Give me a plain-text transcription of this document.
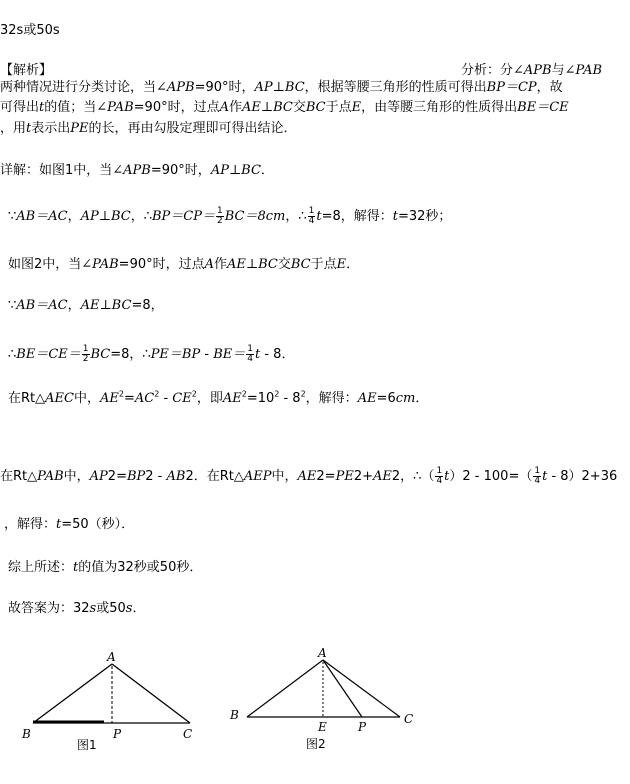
32s或50s
【解析】	分析：分∠APB与∠PAB
两种情况进行分类讨论，当∠APB=90°时，AP⊥BC，根据等腰三角形的性质可得出BP＝CP，故
可得出t的值；当∠PAB=90°时，过点A作AE⊥BC交BC于点E，由等腰三角形的性质得出BE＝CE
，用t表示出PE的长，再由勾股定理即可得出结论．
详解：如图1中，当∠APB=90°时，AP⊥BC．
∵AB＝AC，AP⊥BC，∴BP＝CP＝ $\frac{1}{2} BC=8cm$，∴ $\frac{1}{4} t=8$，解得：t=32秒；
如图2中，当∠PAB=90°时，过点A作AE⊥BC交BC于点E．
∵AB＝AC，AE⊥BC=8，
∴BE＝CE＝ $\frac{1}{2} BC=8$，∴PE＝BP - $BE= \frac{1}{4}$ t - 8．
在Rt△AEC中，$AE^2=AC^2 - CE^2$，即$AE^2=10^2 - 8^2$，解得：AE=6cm．
在Rt△PAB中，AP2=BP2 - AB2．在Rt△AEP中，AE2=PE2+AE2，∴（ $\frac{1}{4} t)2 - 100=( \frac{1}{4}$ t - 8）2+36
，解得：t=50（秒）．
综上所述：t的值为32秒或50秒．
故答案为：32s或50s．
A
B	C
P
图1
A
B	C
E	P
图2
